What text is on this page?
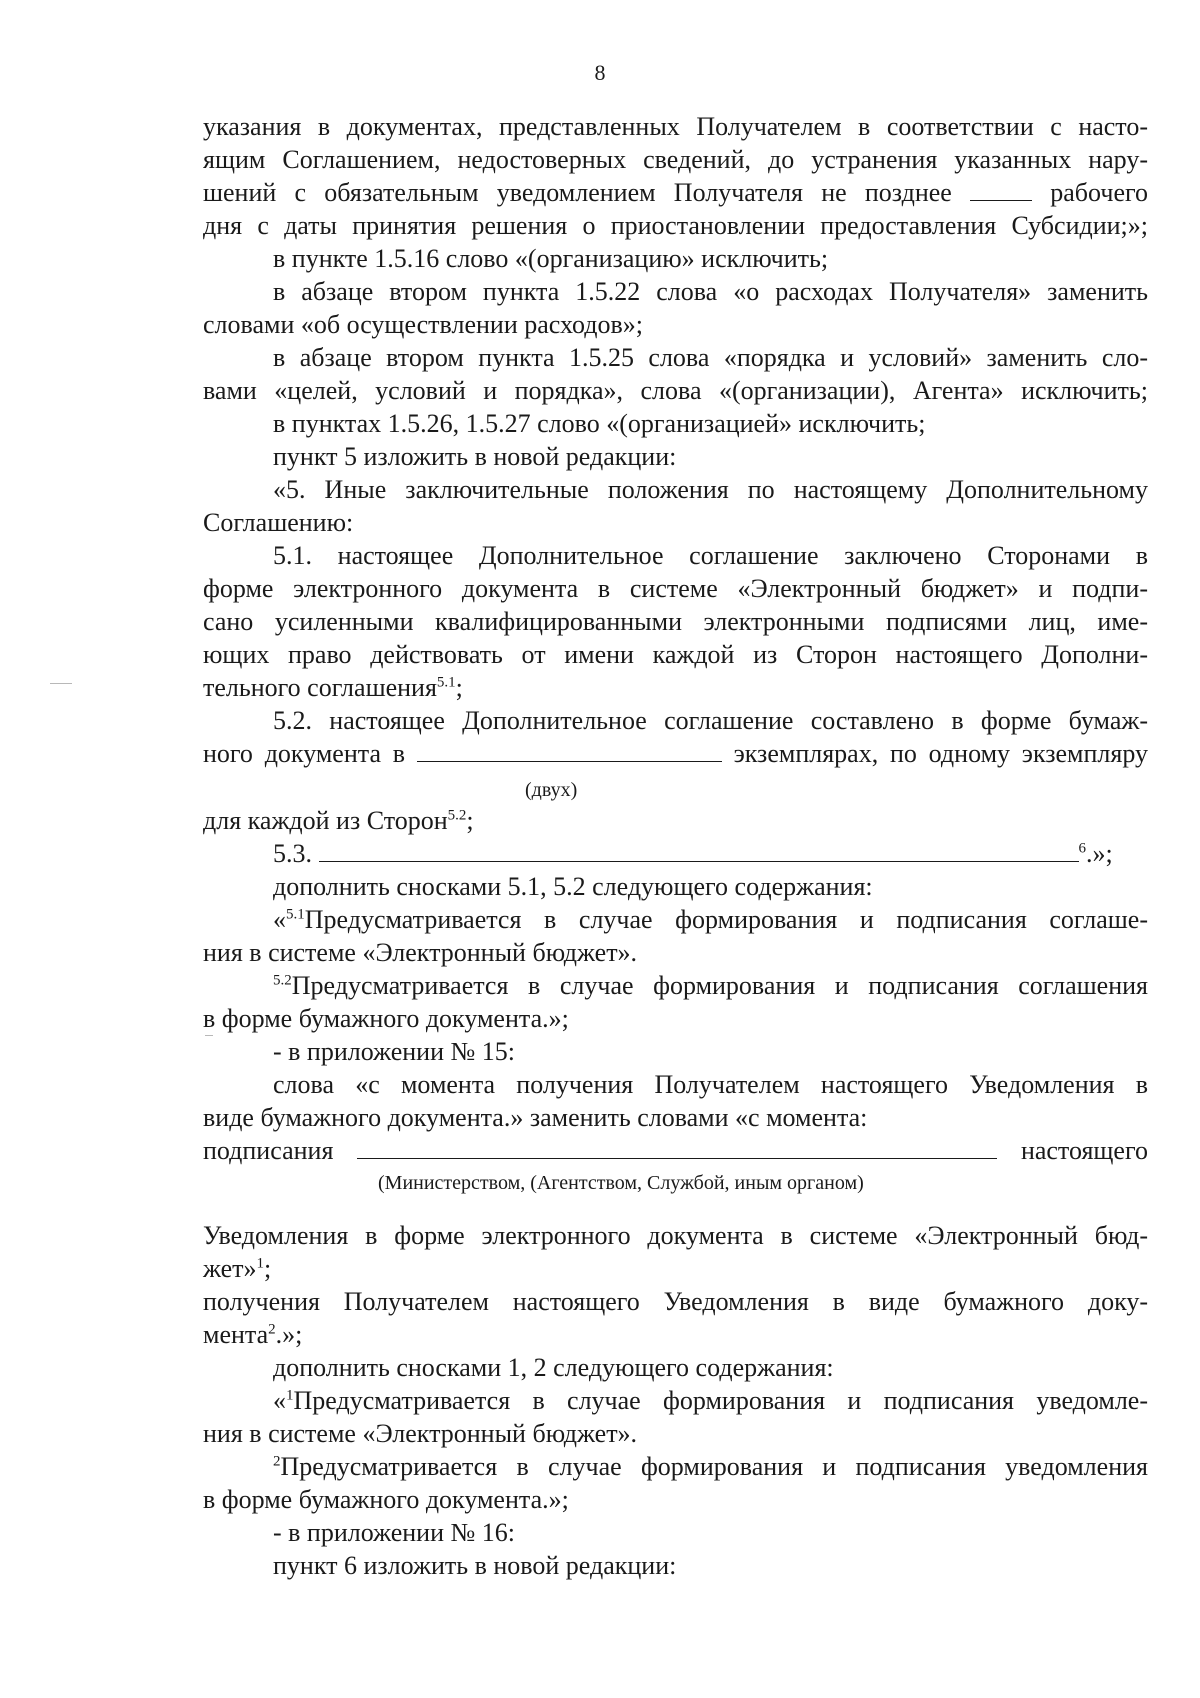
8
указания в документах, представленных Получателем в соответствии с насто-
ящим Соглашением, недостоверных сведений, до устранения указанных нару-
шений с обязательным уведомлением Получателя не позднее	рабочего
дня с даты принятия решения о приостановлении предоставления Субсидии;»;
в пункте 1.5.16 слово «(организацию» исключить;
в абзаце втором пункта 1.5.22 слова «о расходах Получателя» заменить
словами «об осуществлении расходов»;
в абзаце втором пункта 1.5.25 слова «порядка и условий» заменить сло-
вами «целей, условий и порядка», слова «(организации), Агента» исключить;
в пунктах 1.5.26, 1.5.27 слово «(организацией» исключить;
пункт 5 изложить в новой редакции:
«5. Иные заключительные положения по настоящему Дополнительному
Соглашению:
5.1. настоящее Дополнительное соглашение заключено Сторонами в
форме электронного документа в системе «Электронный бюджет» и подпи-
сано усиленными квалифицированными электронными подписями лиц, име-
ющих право действовать от имени каждой из Сторон настоящего Дополни-
тельного соглашения$^{5.1}$;
5.2. настоящее Дополнительное соглашение составлено в форме бумаж-
ного документа в	экземплярах, по одному экземпляру
(двух)
для каждой из Сторон$^{5.2}$;
5.3.	$^6$.»;
дополнить сносками 5.1, 5.2 следующего содержания:
«$^{5.1}$Предусматривается в случае формирования и подписания соглаше-
ния в системе «Электронный бюджет».
$^{5.2}$Предусматривается в случае формирования и подписания соглашения
в форме бумажного документа.»;
- в приложении № 15:
слова «с момента получения Получателем настоящего Уведомления в
виде бумажного документа.» заменить словами «с момента:
подписания	настоящего
(Министерством, (Агентством, Службой, иным органом)
Уведомления в форме электронного документа в системе «Электронный бюд-
жет»$^1$;
получения Получателем настоящего Уведомления в виде бумажного доку-
мента$^2$.»;
дополнить сносками 1, 2 следующего содержания:
«$^1$Предусматривается в случае формирования и подписания уведомле-
ния в системе «Электронный бюджет».
$^2$Предусматривается в случае формирования и подписания уведомления
в форме бумажного документа.»;
- в приложении № 16:
пункт 6 изложить в новой редакции:
